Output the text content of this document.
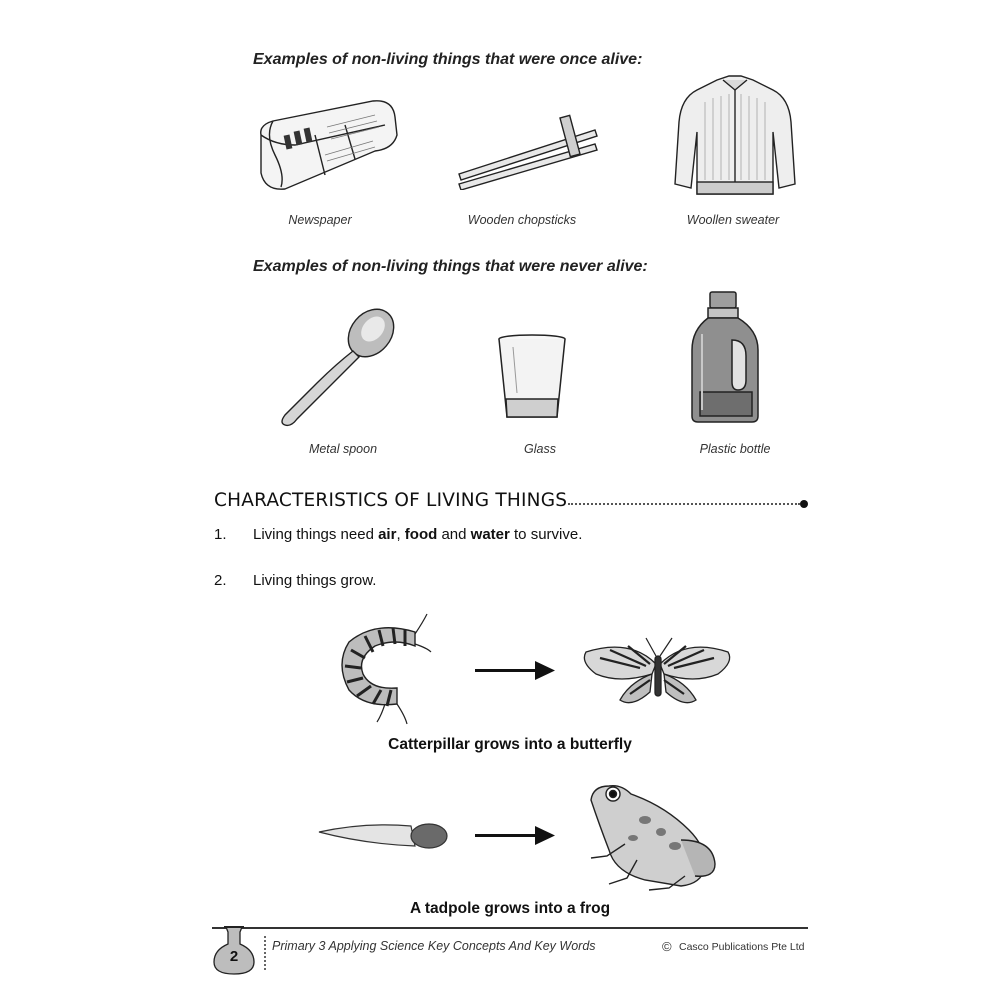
Examples of non-living things that were once alive:
Newspaper	Wooden chopsticks	Woollen sweater
Examples of non-living things that were never alive:
Metal spoon	Glass	Plastic bottle
CHARACTERISTICS OF LIVING THINGS
1. Living things need air, food and water to survive.
2. Living things grow.
Catterpillar grows into a butterfly
A tadpole grows into a frog
2
Primary 3 Applying Science Key Concepts And Key Words	© Casco Publications Pte Ltd
